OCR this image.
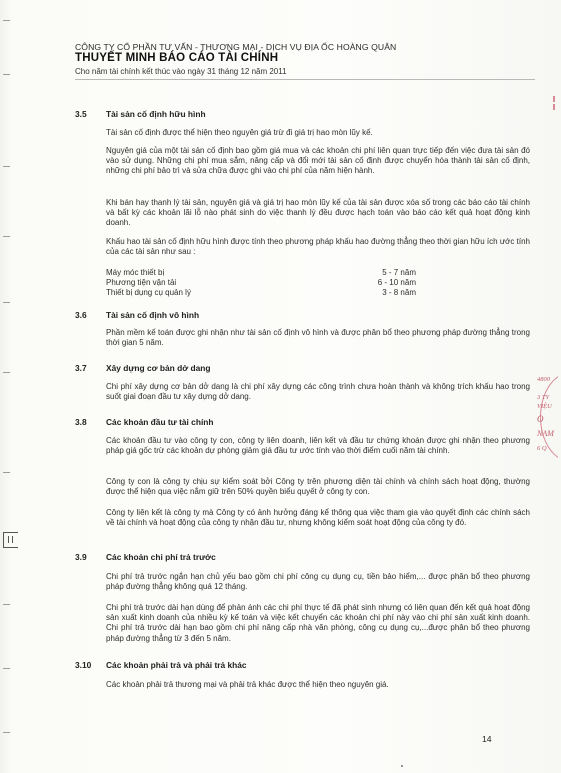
CÔNG TY CỔ PHẦN TƯ VẤN - THƯƠNG MẠI - DỊCH VỤ ĐỊA ỐC HOÀNG QUÂN
THUYẾT MINH BÁO CÁO TÀI CHÍNH
Cho năm tài chính kết thúc vào ngày 31 tháng 12 năm 2011
3.5 Tài sản cố định hữu hình

Tài sản cố định được thể hiện theo nguyên giá trừ đi giá trị hao mòn lũy kế.

Nguyên giá của một tài sản cố định bao gồm giá mua và các khoản chi phí liên quan trực tiếp đến việc đưa tài sản đó vào sử dụng. Những chi phí mua sắm, nâng cấp và đổi mới tài sản cố định được chuyển hóa thành tài sản cố định, những chi phí bảo trì và sửa chữa được ghi vào chi phí của năm hiện hành.

Khi bán hay thanh lý tài sản, nguyên giá và giá trị hao mòn lũy kế của tài sản được xóa số trong các báo cáo tài chính và bất kỳ các khoản lãi lỗ nào phát sinh do việc thanh lý đều được hạch toán vào báo cáo kết quả hoạt động kinh doanh.

Khấu hao tài sản cố định hữu hình được tính theo phương pháp khấu hao đường thẳng theo thời gian hữu ích ước tính của các tài sản như sau :

Máy móc thiết bị	5 - 7 năm
Phương tiện vận tải	6 - 10 năm
Thiết bị dụng cụ quản lý	3 - 8 năm
3.6 Tài sản cố định vô hình

Phần mềm kế toán được ghi nhận như tài sản cố định vô hình và được phân bổ theo phương pháp đường thẳng trong thời gian 5 năm.

3.7 Xây dựng cơ bản dở dang

Chi phí xây dựng cơ bản dở dang là chi phí xây dựng các công trình chưa hoàn thành và không trích khấu hao trong suốt giai đoạn đầu tư xây dựng dở dang.

3.8 Các khoản đầu tư tài chính

Các khoản đầu tư vào công ty con, công ty liên doanh, liên kết và đầu tư chứng khoán được ghi nhận theo phương pháp giá gốc trừ các khoản dự phòng giảm giá đầu tư ước tính vào thời điểm cuối năm tài chính.

Công ty con là công ty chịu sự kiểm soát bởi Công ty trên phương diện tài chính và chính sách hoạt động, thường được thể hiện qua việc nắm giữ trên 50% quyền biểu quyết ở công ty con.

Công ty liên kết là công ty mà Công ty có ảnh hưởng đáng kể thông qua việc tham gia vào quyết định các chính sách về tài chính và hoạt động của công ty nhận đầu tư, nhưng không kiểm soát hoạt động của công ty đó.

3.9 Các khoản chi phí trả trước

Chi phí trả trước ngắn hạn chủ yếu bao gồm chi phí công cụ dụng cụ, tiền bảo hiểm,... được phân bổ theo phương pháp đường thẳng không quá 12 tháng.

Chi phí trả trước dài hạn dùng để phản ánh các chi phí thực tế đã phát sinh nhưng có liên quan đến kết quả hoạt động sản xuất kinh doanh của nhiều kỳ kế toán và việc kết chuyển các khoản chi phí này vào chi phí sản xuất kinh doanh. Chi phí trả trước dài hạn bao gồm chi phí nâng cấp nhà văn phòng, công cụ dụng cụ,...được phân bổ theo phương pháp đường thẳng từ 3 đến 5 năm.

3.10 Các khoản phải trả và phải trả khác

Các khoản phải trả thương mại và phải trả khác được thể hiện theo nguyên giá.

14
4800
3 TY
VIỆU
O
NAM
6 Q
